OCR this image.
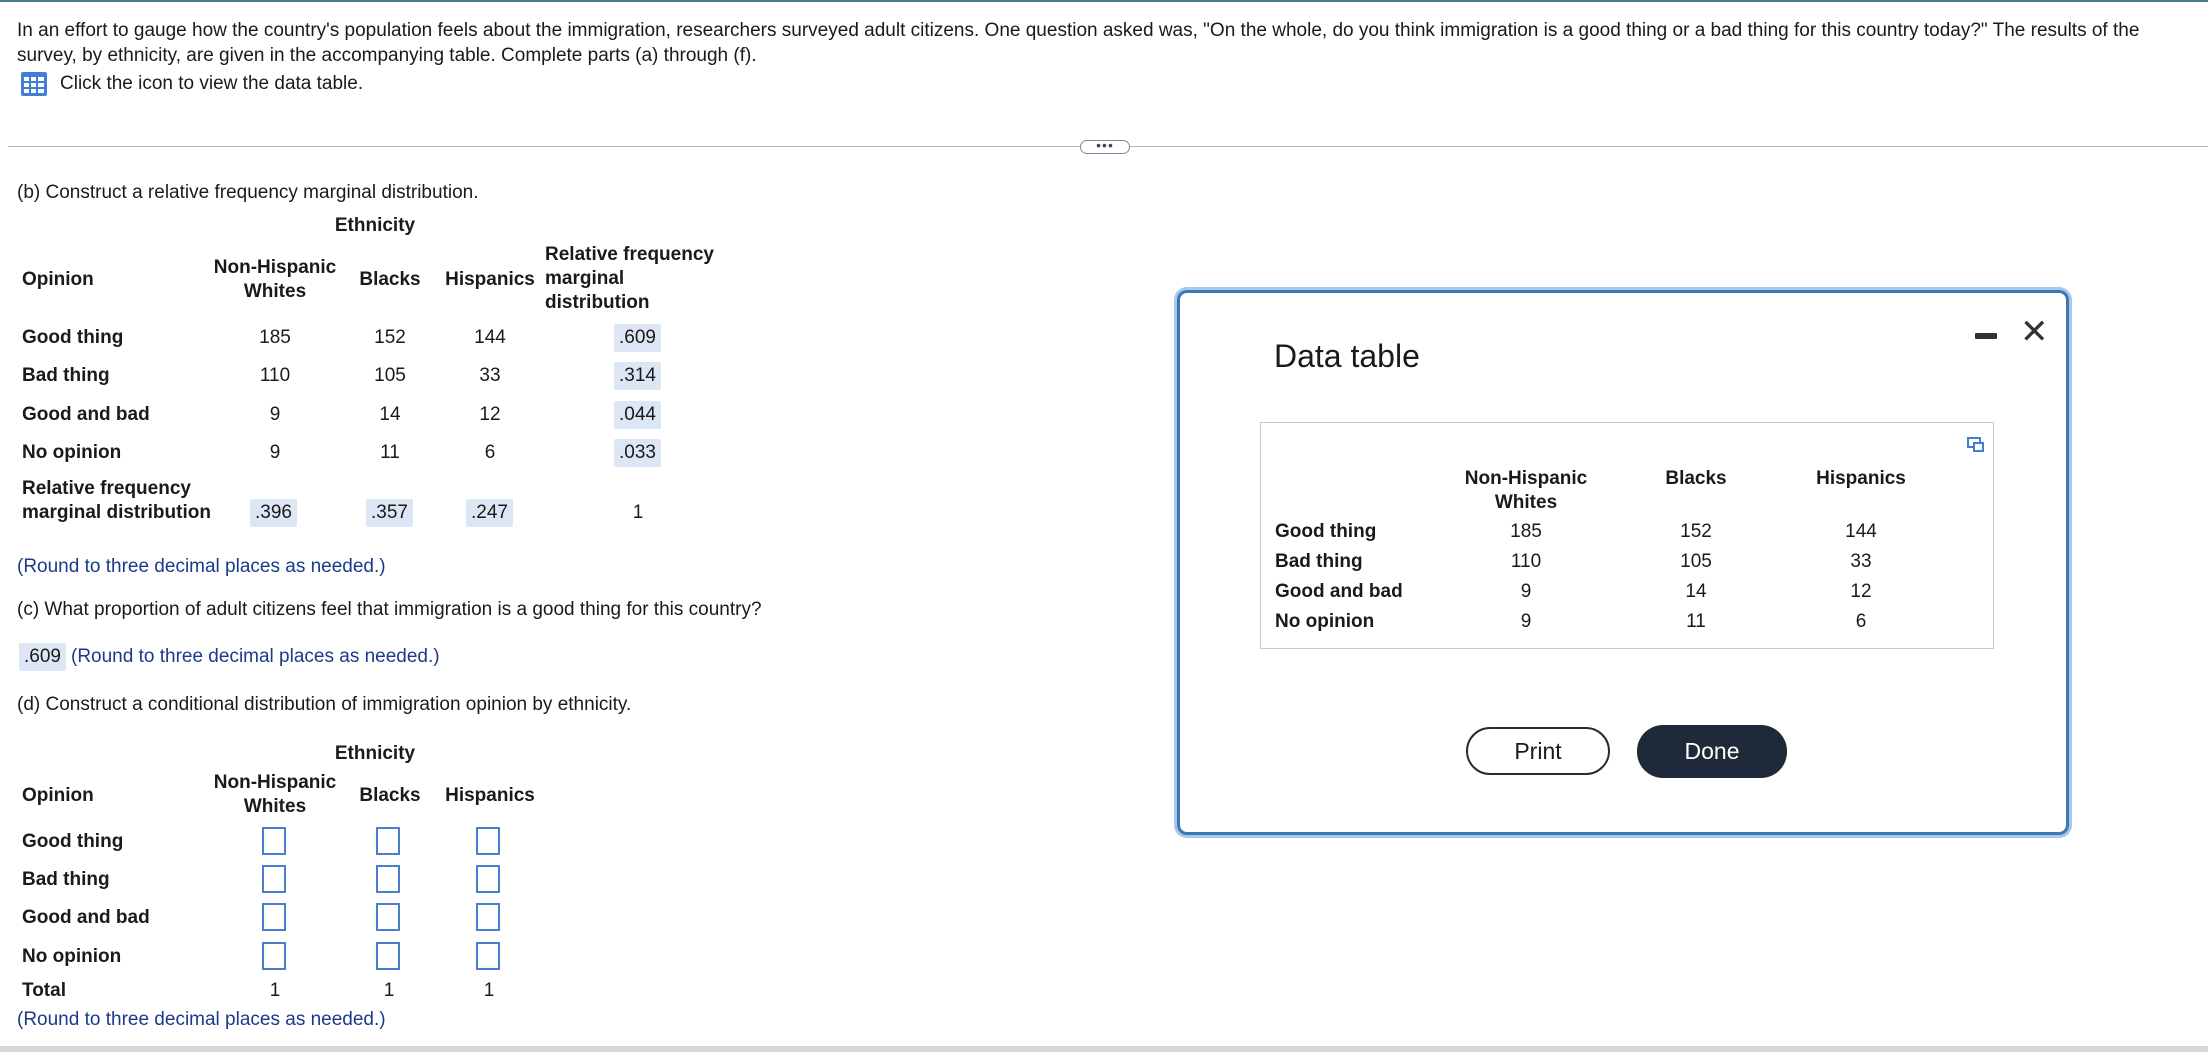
In an effort to gauge how the country's population feels about the immigration, researchers surveyed adult citizens. One question asked was, "On the whole, do you think immigration is a good thing or a bad thing for this country today?" The results of the survey, by ethnicity, are given in the accompanying table. Complete parts (a) through (f).
Click the icon to view the data table.
•••
(b) Construct a relative frequency marginal distribution.
Ethnicity
Opinion
Non-Hispanic Whites
Blacks	Hispanics
Relative frequency marginal distribution
Good thing	185	152	144	.609
Bad thing	110	105	33	.314
Good and bad	9	14	12	.044
No opinion	9	11	6	.033
Relative frequency marginal distribution .396	.357	.247	1
(Round to three decimal places as needed.)
(c) What proportion of adult citizens feel that immigration is a good thing for this country?
.609 (Round to three decimal places as needed.)
(d) Construct a conditional distribution of immigration opinion by ethnicity.
Ethnicity
Opinion
Non-Hispanic Whites
Blacks	Hispanics
Good thing
Bad thing
Good and bad
No opinion
Total	1	1	1
(Round to three decimal places as needed.)
Data table
✕
Non-Hispanic Whites
Blacks	Hispanics
Good thing	185	152	144
Bad thing	110	105	33
Good and bad	9	14	12
No opinion	9	11	6
Print	Done
